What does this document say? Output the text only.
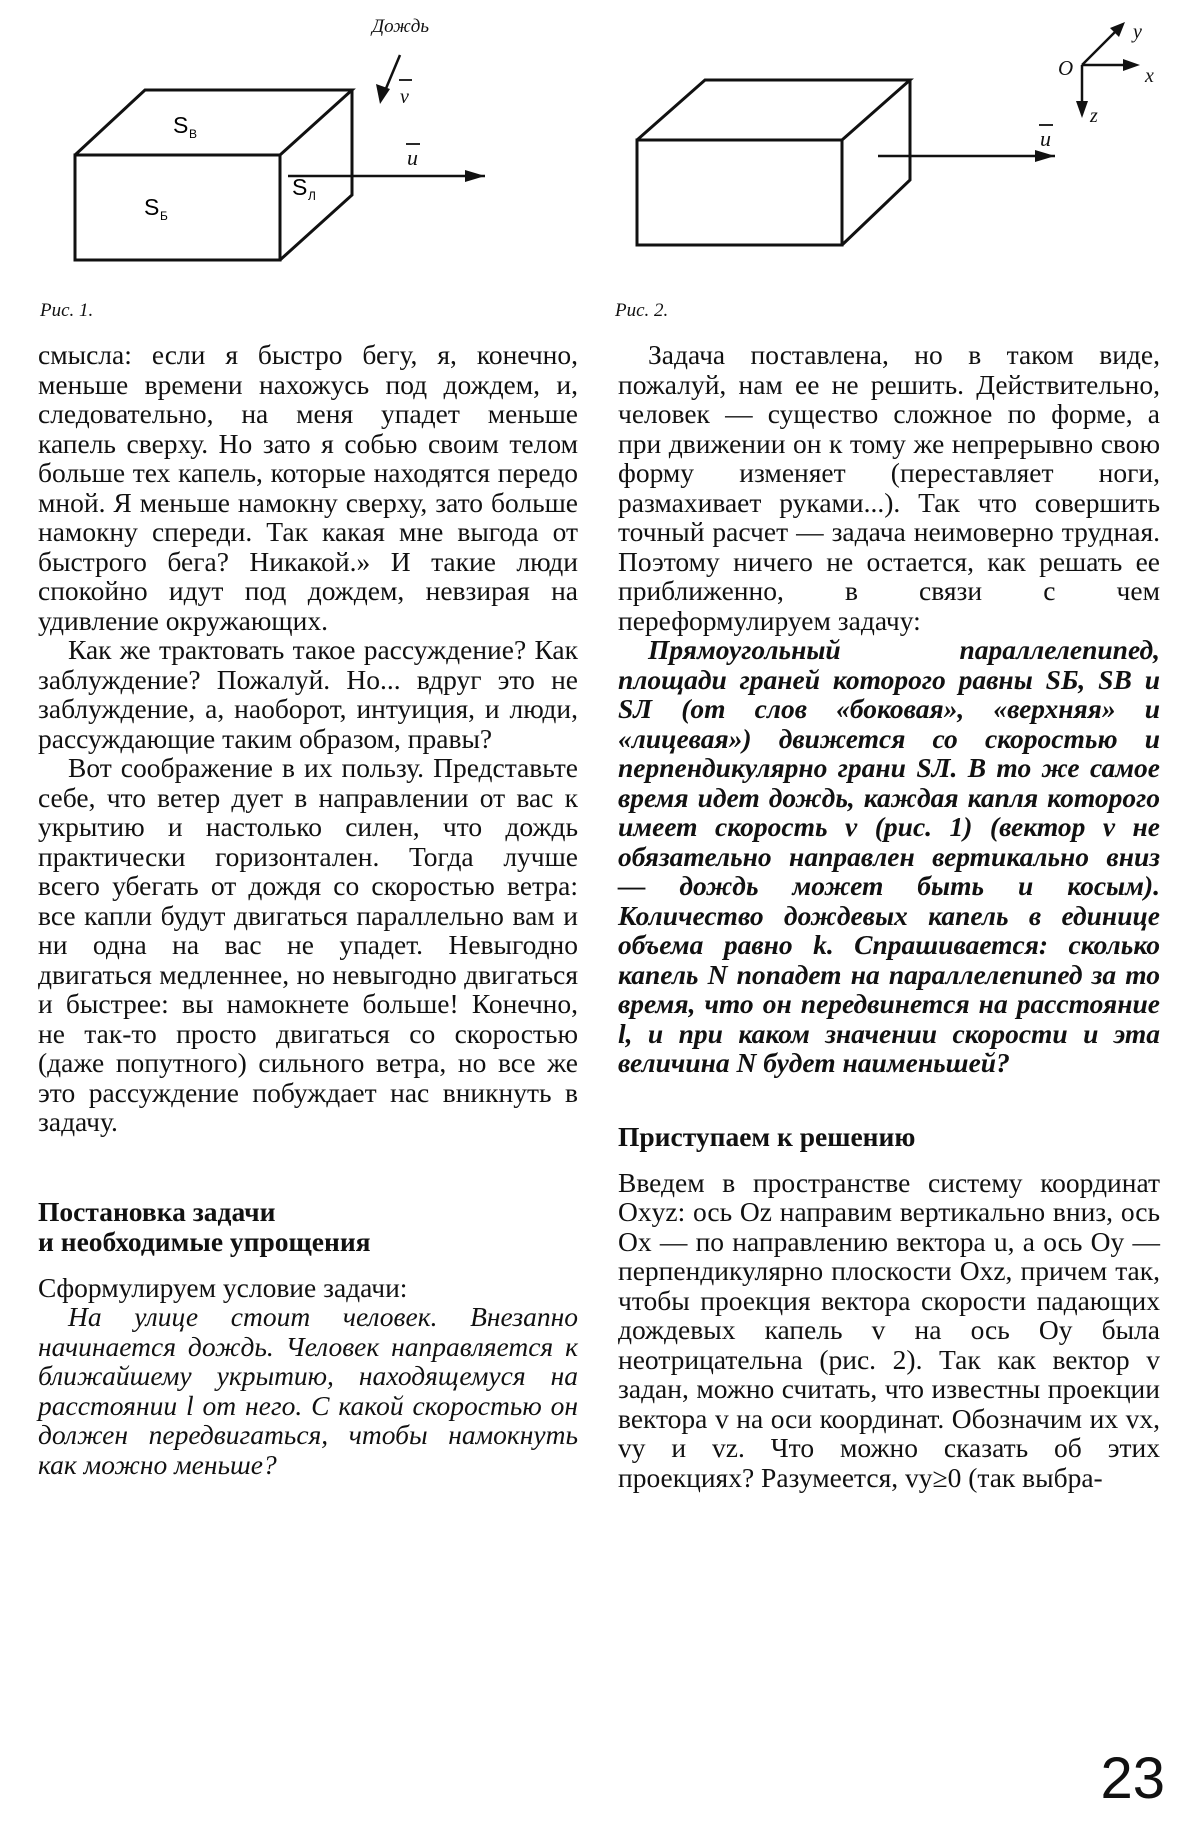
Дождь
v
u
S В
S Б
S Л
Рис. 1.
u
O	x
y
z
Рис. 2.

смысла: если я быстро бегу, я, конечно, меньше времени нахожусь под дождем, и, следовательно, на меня упадет меньше капель сверху. Но зато я собью своим телом больше тех капель, которые находятся передо мной. Я меньше намокну сверху, зато больше намокну спереди. Так какая мне выгода от быстрого бега? Никакой.» И такие люди спокойно идут под дождем, невзирая на удивление окружающих.

Как же трактовать такое рассуждение? Как заблуждение? Пожалуй. Но... вдруг это не заблуждение, а, наоборот, интуиция, и люди, рассуждающие таким образом, правы?

Вот соображение в их пользу. Представьте себе, что ветер дует в направлении от вас к укрытию и настолько силен, что дождь практически горизонтален. Тогда лучше всего убегать от дождя со скоростью ветра: все капли будут двигаться параллельно вам и ни одна на вас не упадет. Невыгодно двигаться медленнее, но невыгодно двигаться и быстрее: вы намокнете больше! Конечно, не так-то просто двигаться со скоростью (даже попутного) сильного ветра, но все же это рассуждение побуждает нас вникнуть в задачу.

Постановка задачи
и необходимые упрощения

Сформулируем условие задачи:

На улице стоит человек. Внезапно начинается дождь. Человек направляется к ближайшему укрытию, находящемуся на расстоянии l от него. С какой скоростью он должен передвигаться, чтобы намокнуть как можно меньше?

Задача поставлена, но в таком виде, пожалуй, нам ее не решить. Действительно, человек — существо сложное по форме, а при движении он к тому же непрерывно свою форму изменяет (переставляет ноги, размахивает руками...). Так что совершить точный расчет — задача неимоверно трудная. Поэтому ничего не остается, как решать ее приближенно, в связи с чем переформулируем задачу:

Прямоугольный параллелепипед, площади граней которого равны SБ, SВ и SЛ (от слов «боковая», «верхняя» и «лицевая») движется со скоростью u перпендикулярно грани SЛ. В то же самое время идет дождь, каждая капля которого имеет скорость v (рис. 1) (вектор v не обязательно направлен вертикально вниз — дождь может быть и косым). Количество дождевых капель в единице объема равно k. Спрашивается: сколько капель N попадет на параллелепипед за то время, что он передвинется на расстояние l, и при каком значении скорости u эта величина N будет наименьшей?

Приступаем к решению

Введем в пространстве систему координат Oxyz: ось Oz направим вертикально вниз, ось Ox — по направлению вектора u, а ось Oy — перпендикулярно плоскости Oxz, причем так, чтобы проекция вектора скорости падающих дождевых капель v на ось Oy была неотрицательна (рис. 2). Так как вектор v задан, можно считать, что известны проекции вектора v на оси координат. Обозначим их vx, vy и vz. Что можно сказать об этих проекциях? Разумеется, vy≥0 (так выбра-

23
